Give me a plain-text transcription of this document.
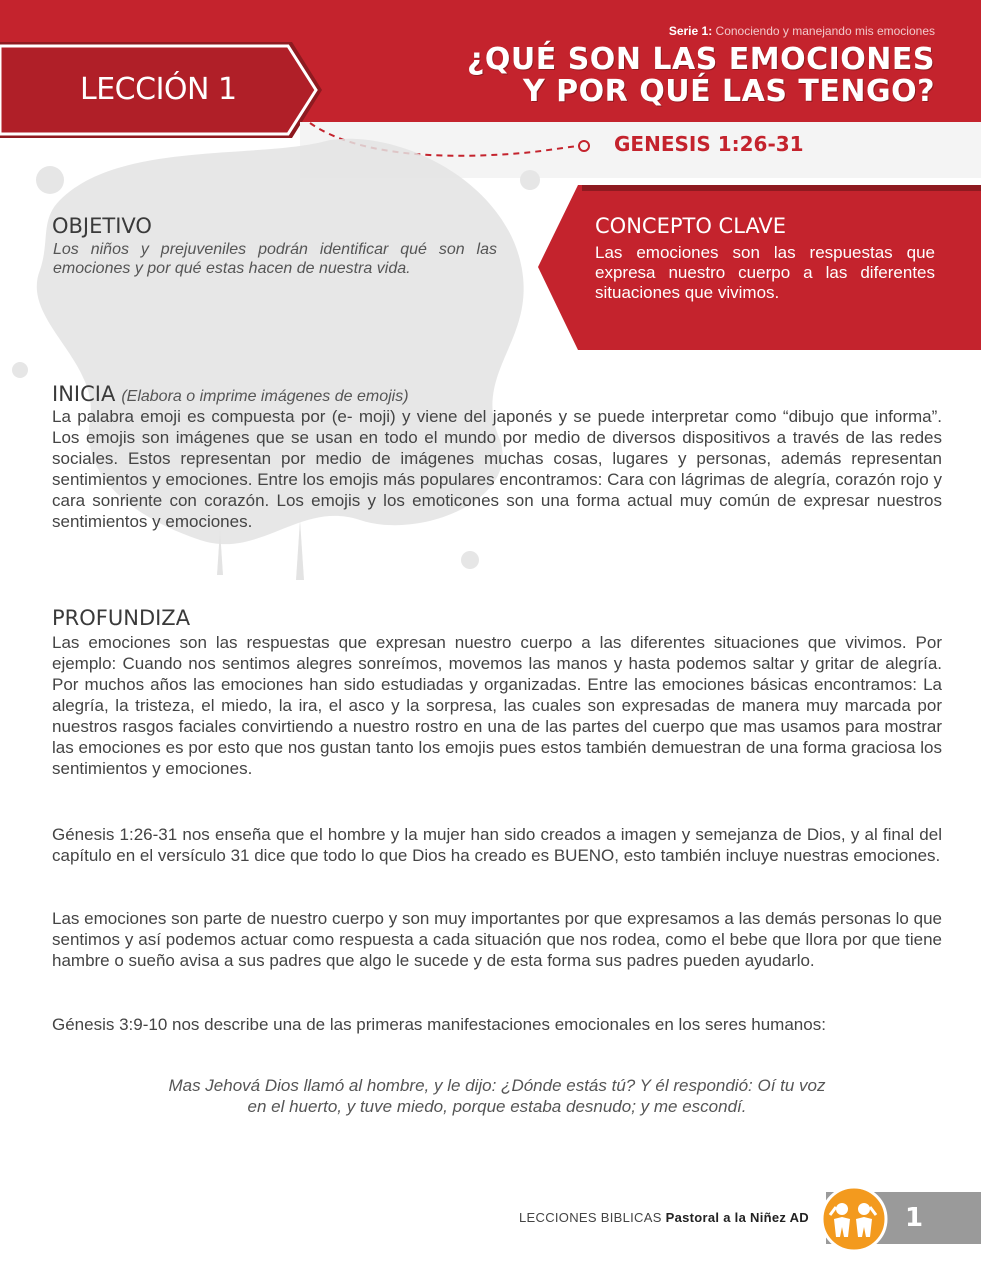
Serie 1: Conociendo y manejando mis emociones
¿QUÉ SON LAS EMOCIONES
Y POR QUÉ LAS TENGO?
LECCIÓN 1
GENESIS 1:26-31
OBJETIVO
Los niños y prejuveniles podrán identificar qué son las emociones y por qué estas hacen de nuestra vida.
CONCEPTO CLAVE
Las emociones son las respuestas que expresa nuestro cuerpo a las diferentes situaciones que vivimos.
INICIA (Elabora o imprime imágenes de emojis)
La palabra emoji es compuesta por (e- moji) y viene del japonés y se puede interpretar como “dibujo que informa”. Los emojis son imágenes que se usan en todo el mundo por medio de diversos dispositivos a través de las redes sociales. Estos representan por medio de imágenes muchas cosas, lugares y personas, además representan sentimientos y emociones. Entre los emojis más populares encontramos: Cara con lágrimas de alegría, corazón rojo y cara sonriente con corazón. Los emojis y los emoticones son una forma actual muy común de expresar nuestros sentimientos y emociones.
PROFUNDIZA
Las emociones son las respuestas que expresan nuestro cuerpo a las diferentes situaciones que vivimos. Por ejemplo: Cuando nos sentimos alegres sonreímos, movemos las manos y hasta podemos saltar y gritar de alegría. Por muchos años las emociones han sido estudiadas y organizadas. Entre las emociones básicas encontramos: La alegría, la tristeza, el miedo, la ira, el asco y la sorpresa, las cuales son expresadas de manera muy marcada por nuestros rasgos faciales convirtiendo a nuestro rostro en una de las partes del cuerpo que mas usamos para mostrar las emociones es por esto que nos gustan tanto los emojis pues estos también demuestran de una forma graciosa los sentimientos y emociones.
Génesis 1:26-31 nos enseña que el hombre y la mujer han sido creados a imagen y semejanza de Dios, y al final del capítulo en el versículo 31 dice que todo lo que Dios ha creado es BUENO, esto también incluye nuestras emociones.
Las emociones son parte de nuestro cuerpo y son muy importantes por que expresamos a las demás personas lo que sentimos y así podemos actuar como respuesta a cada situación que nos rodea, como el bebe que llora por que tiene hambre o sueño avisa a sus padres que algo le sucede y de esta forma sus padres pueden ayudarlo.
Génesis 3:9-10 nos describe una de las primeras manifestaciones emocionales en los seres humanos:
Mas Jehová Dios llamó al hombre, y le dijo: ¿Dónde estás tú? Y él respondió: Oí tu voz
en el huerto, y tuve miedo, porque estaba desnudo; y me escondí.
LECCIONES BIBLICAS Pastoral a la Niñez AD	1
